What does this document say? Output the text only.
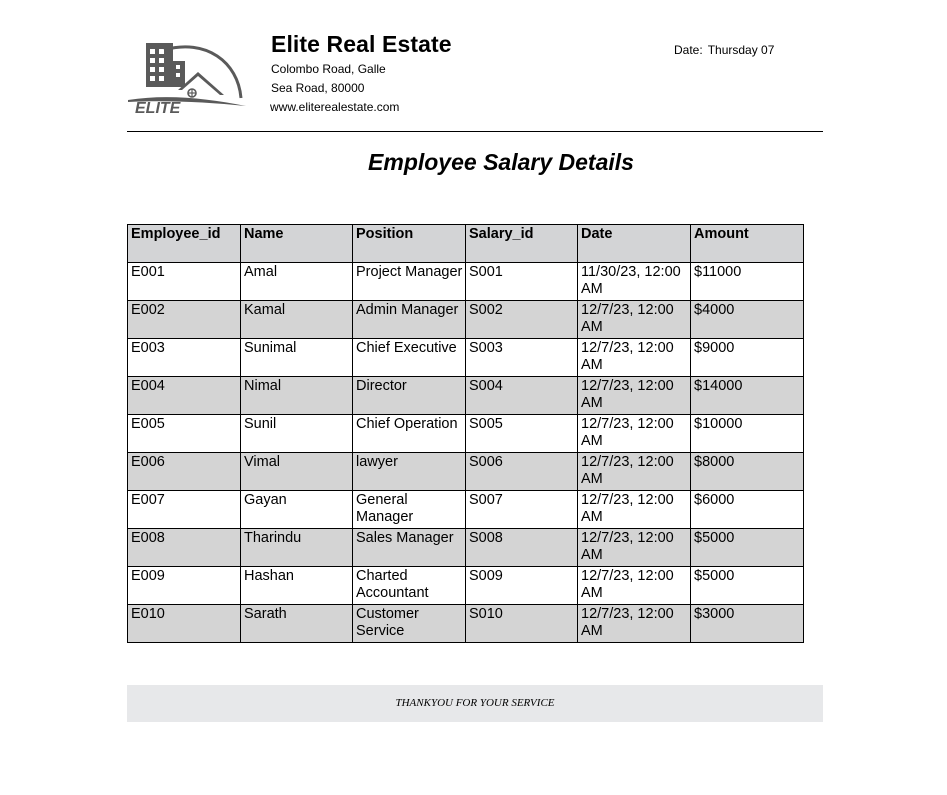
ELITE
Elite Real Estate
Colombo Road, Galle
Sea Road, 80000
www.eliterealestate.com
Date: Thursday 07
Employee Salary Details
Employee_id	Name	Position	Salary_id	Date	Amount
E001	Amal	Project Manager	S001	11/30/23, 12:00 AM	$11000
E002	Kamal	Admin Manager	S002	12/7/23, 12:00 AM	$4000
E003	Sunimal	Chief Executive	S003	12/7/23, 12:00 AM	$9000
E004	Nimal	Director	S004	12/7/23, 12:00 AM	$14000
E005	Sunil	Chief Operation	S005	12/7/23, 12:00 AM	$10000
E006	Vimal	lawyer	S006	12/7/23, 12:00 AM	$8000
E007	Gayan	General Manager	S007	12/7/23, 12:00 AM	$6000
E008	Tharindu	Sales Manager	S008	12/7/23, 12:00 AM	$5000
E009	Hashan	Charted Accountant	S009	12/7/23, 12:00 AM	$5000
E010	Sarath	Customer Service	S010	12/7/23, 12:00 AM	$3000
THANKYOU FOR YOUR SERVICE
